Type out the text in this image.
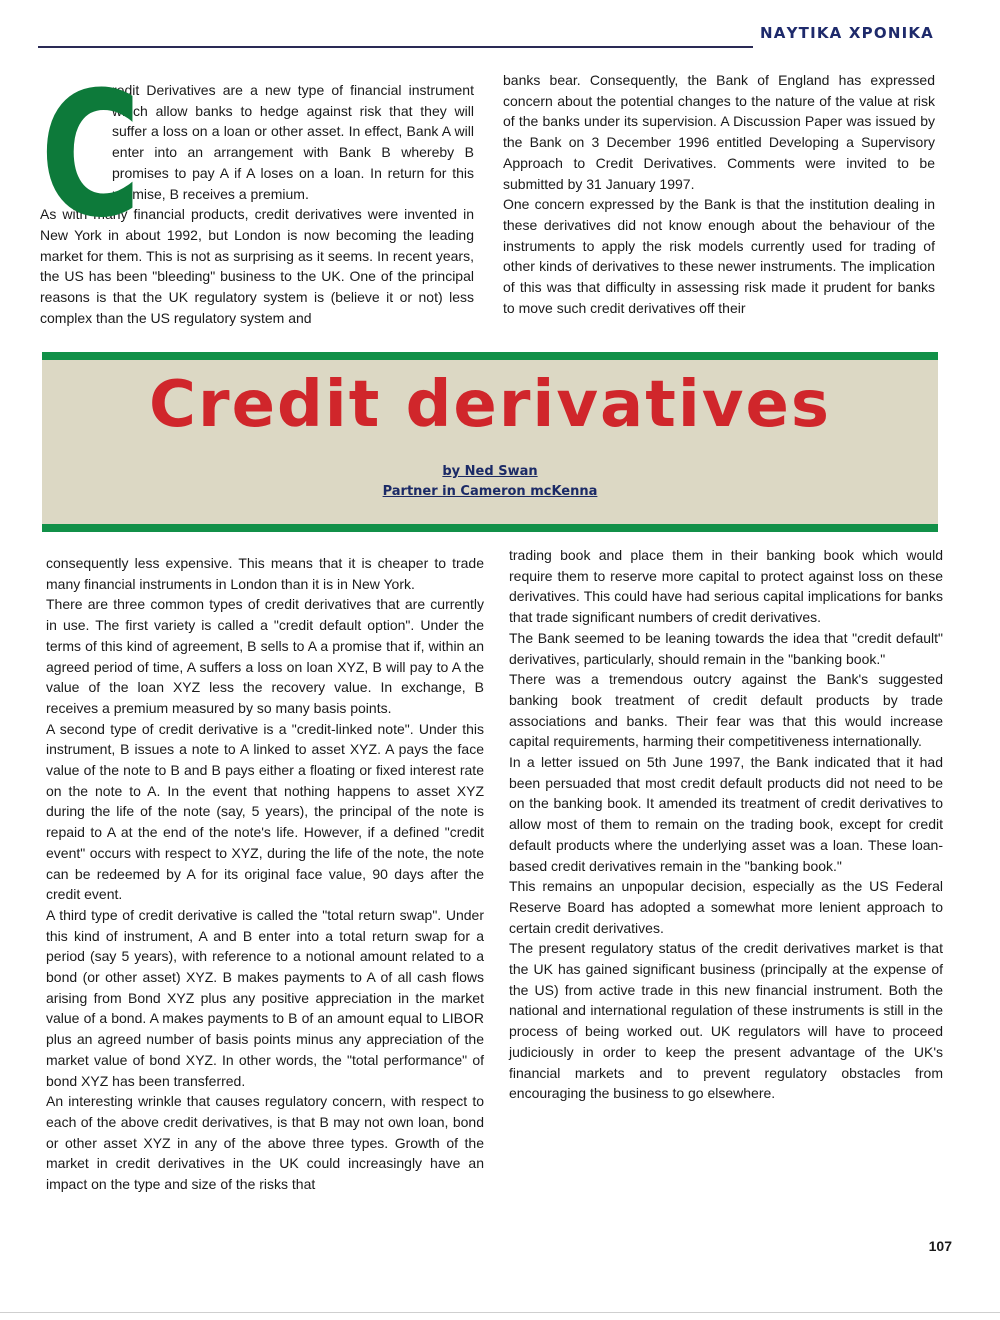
ΝΑΥΤΙΚΑ ΧΡΟΝΙΚΑ
C

redit Derivatives are a new type of financial instrument which allow banks to hedge against risk that they will suffer a loss on a loan or other asset. In effect, Bank A will enter into an arrangement with Bank B whereby B promises to pay A if A loses on a loan. In return for this promise, B receives a premium.

As with many financial products, credit derivatives were invented in New York in about 1992, but London is now becoming the leading market for them. This is not as surprising as it seems. In recent years, the US has been "bleeding" business to the UK. One of the principal reasons is that the UK regulatory system is (believe it or not) less complex than the US regulatory system and

banks bear. Consequently, the Bank of England has expressed concern about the potential changes to the nature of the value at risk of the banks under its supervision. A Discussion Paper was issued by the Bank on 3 December 1996 entitled Developing a Supervisory Approach to Credit Derivatives. Comments were invited to be submitted by 31 January 1997.

One concern expressed by the Bank is that the institution dealing in these derivatives did not know enough about the behaviour of the instruments to apply the risk models currently used for trading of other kinds of derivatives to these newer instruments. The implication of this was that difficulty in assessing risk made it prudent for banks to move such credit derivatives off their

Credit derivatives
by Ned Swan
Partner in Cameron mcKenna

consequently less expensive. This means that it is cheaper to trade many financial instruments in London than it is in New York.

There are three common types of credit derivatives that are currently in use. The first variety is called a "credit default option". Under the terms of this kind of agreement, B sells to A a promise that if, within an agreed period of time, A suffers a loss on loan XYZ, B will pay to A the value of the loan XYZ less the recovery value. In exchange, B receives a premium measured by so many basis points.

A second type of credit derivative is a "credit-linked note". Under this instrument, B issues a note to A linked to asset XYZ. A pays the face value of the note to B and B pays either a floating or fixed interest rate on the note to A. In the event that nothing happens to asset XYZ during the life of the note (say, 5 years), the principal of the note is repaid to A at the end of the note's life. However, if a defined "credit event" occurs with respect to XYZ, during the life of the note, the note can be redeemed by A for its original face value, 90 days after the credit event.

A third type of credit derivative is called the "total return swap". Under this kind of instrument, A and B enter into a total return swap for a period (say 5 years), with reference to a notional amount related to a bond (or other asset) XYZ. B makes payments to A of all cash flows arising from Bond XYZ plus any positive appreciation in the market value of a bond. A makes payments to B of an amount equal to LIBOR plus an agreed number of basis points minus any appreciation of the market value of bond XYZ. In other words, the "total performance" of bond XYZ has been transferred.

An interesting wrinkle that causes regulatory concern, with respect to each of the above credit derivatives, is that B may not own loan, bond or other asset XYZ in any of the above three types. Growth of the market in credit derivatives in the UK could increasingly have an impact on the type and size of the risks that

trading book and place them in their banking book which would require them to reserve more capital to protect against loss on these derivatives. This could have had serious capital implications for banks that trade significant numbers of credit derivatives.

The Bank seemed to be leaning towards the idea that "credit default" derivatives, particularly, should remain in the "banking book."

There was a tremendous outcry against the Bank's suggested banking book treatment of credit default products by trade associations and banks. Their fear was that this would increase capital requirements, harming their competitiveness internationally.

In a letter issued on 5th June 1997, the Bank indicated that it had been persuaded that most credit default products did not need to be on the banking book. It amended its treatment of credit derivatives to allow most of them to remain on the trading book, except for credit default products where the underlying asset was a loan. These loan-based credit derivatives remain in the "banking book."

This remains an unpopular decision, especially as the US Federal Reserve Board has adopted a somewhat more lenient approach to certain credit derivatives.

The present regulatory status of the credit derivatives market is that the UK has gained significant business (principally at the expense of the US) from active trade in this new financial instrument. Both the national and international regulation of these instruments is still in the process of being worked out. UK regulators will have to proceed judiciously in order to keep the present advantage of the UK's financial markets and to prevent regulatory obstacles from encouraging the business to go elsewhere.

107
